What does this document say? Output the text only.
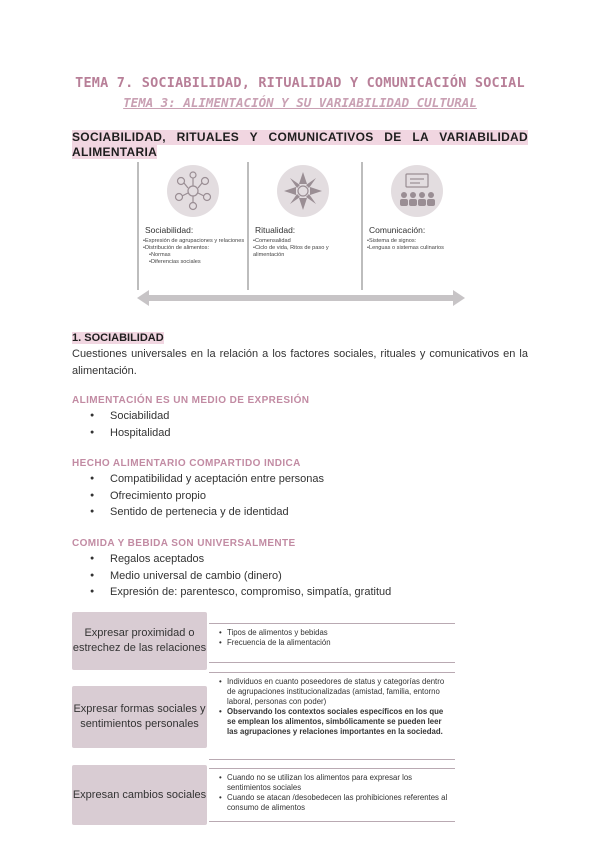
TEMA 7. SOCIABILIDAD, RITUALIDAD Y COMUNICACIÓN SOCIAL
TEMA 3: ALIMENTACIÓN Y SU VARIABILIDAD CULTURAL
SOCIABILIDAD, RITUALES Y COMUNICATIVOS DE LA VARIABILIDAD
ALIMENTARIA
Sociabilidad:
• Expresión de agrupaciones y relaciones
• Distribución de alimentos:
• Normas
• Diferencias sociales
Ritualidad:
• Comensalidad
• Ciclo de vida, Ritos de paso y alimentación
Comunicación:
• Sistema de signos:
• Lenguas o sistemas culinarios
1. SOCIABILIDAD
Cuestiones universales en la relación a los factores sociales, rituales y comunicativos en la alimentación.
ALIMENTACIÓN ES UN MEDIO DE EXPRESIÓN
● Sociabilidad
● Hospitalidad
HECHO ALIMENTARIO COMPARTIDO INDICA
● Compatibilidad y aceptación entre personas
● Ofrecimiento propio
● Sentido de pertenecia y de identidad
COMIDA Y BEBIDA SON UNIVERSALMENTE
● Regalos aceptados
● Medio universal de cambio (dinero)
● Expresión de: parentesco, compromiso, simpatía, gratitud
Expresar proximidad o estrechez de las relaciones
• Tipos de alimentos y bebidas
• Frecuencia de la alimentación
Expresar formas sociales y sentimientos personales
• Individuos en cuanto poseedores de status y categorías dentro de agrupaciones institucionalizadas (amistad, familia, entorno laboral, personas con poder)
• Observando los contextos sociales específicos en los que se emplean los alimentos, simbólicamente se pueden leer las agrupaciones y relaciones importantes en la sociedad.
Expresan cambios sociales
• Cuando no se utilizan los alimentos para expresar los sentimientos sociales
• Cuando se atacan /desobedecen las prohibiciones referentes al consumo de alimentos
